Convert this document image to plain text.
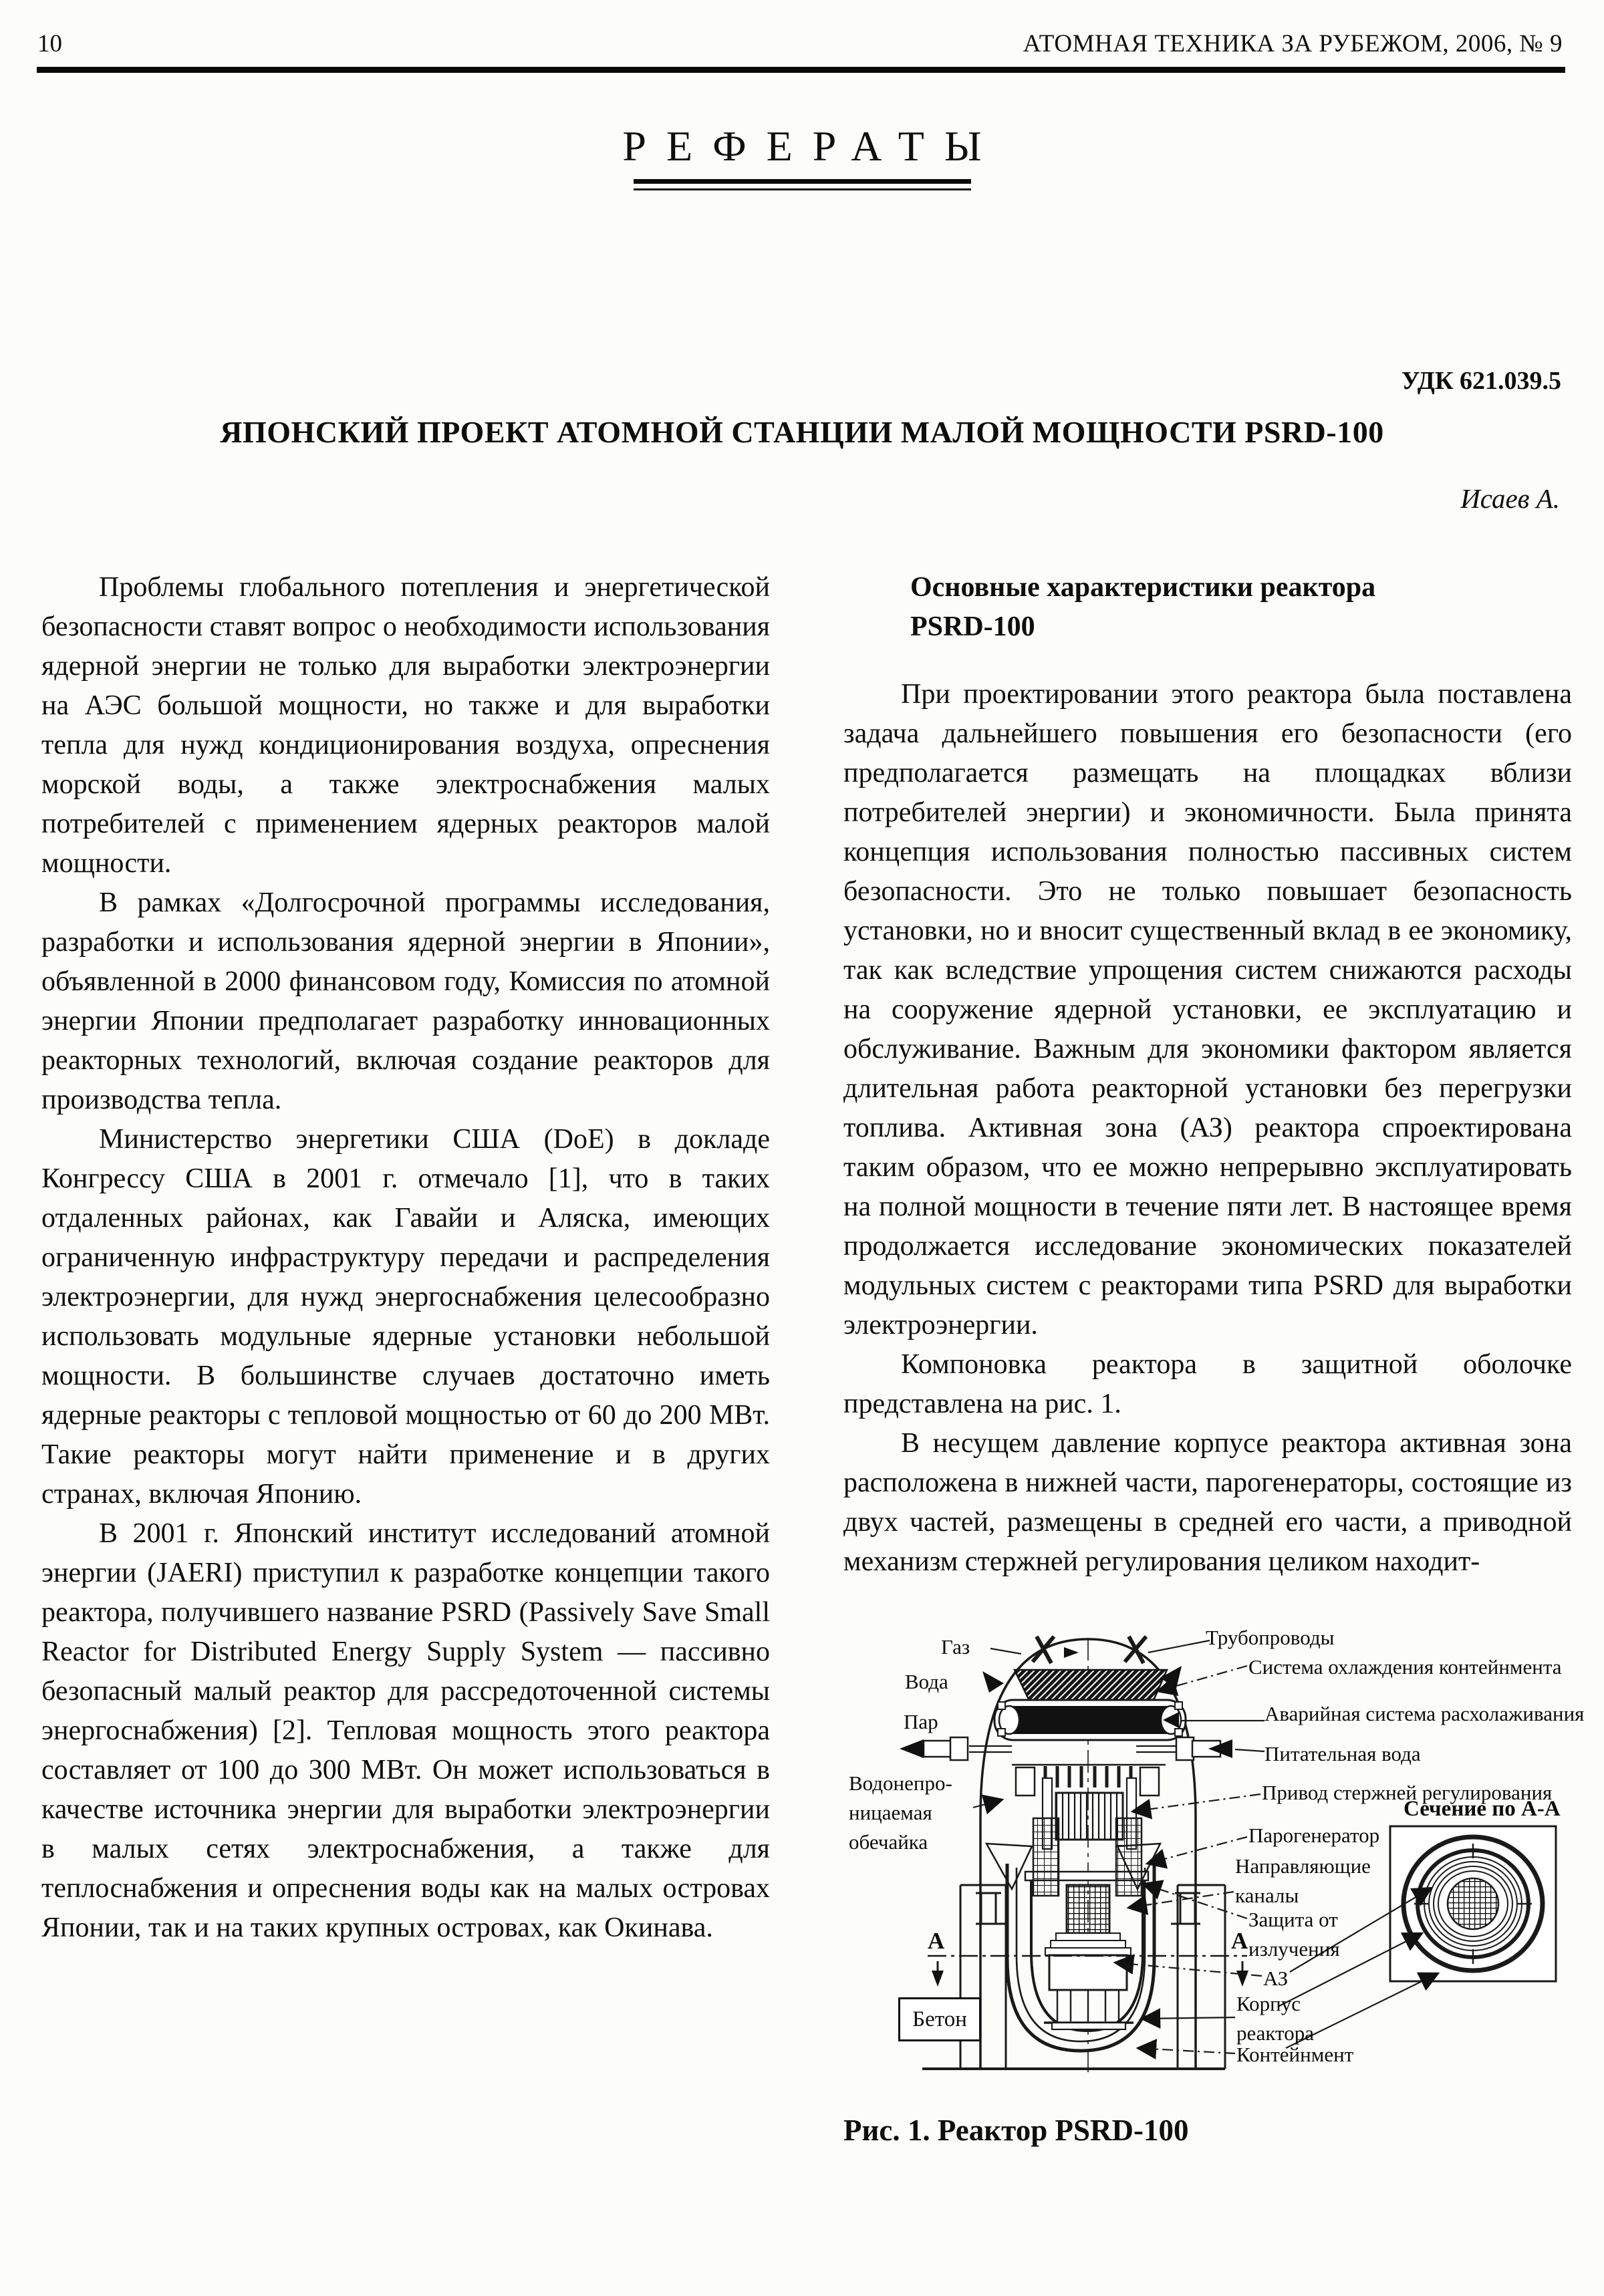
10	АТОМНАЯ ТЕХНИКА ЗА РУБЕЖОМ, 2006, № 9
РЕФЕРАТЫ
УДК 621.039.5
ЯПОНСКИЙ ПРОЕКТ АТОМНОЙ СТАНЦИИ МАЛОЙ МОЩНОСТИ PSRD-100
Исаев А.

Проблемы глобального потепления и энергетической безопасности ставят вопрос о необходимости использования ядерной энергии не только для выработки электроэнергии на АЭС большой мощности, но также и для выработки тепла для нужд кондиционирования воздуха, опреснения морской воды, а также электроснабжения малых потребителей с применением ядерных реакторов малой мощности.

В рамках «Долгосрочной программы исследования, разработки и использования ядерной энергии в Японии», объявленной в 2000 финансовом году, Комиссия по атомной энергии Японии предполагает разработку инновационных реакторных технологий, включая создание реакторов для производства тепла.

Министерство энергетики США (DoE) в докладе Конгрессу США в 2001 г. отмечало [1], что в таких отдаленных районах, как Гавайи и Аляска, имеющих ограниченную инфраструктуру передачи и распределения электроэнергии, для нужд энергоснабжения целесообразно использовать модульные ядерные установки небольшой мощности. В большинстве случаев достаточно иметь ядерные реакторы с тепловой мощностью от 60 до 200 МВт. Такие реакторы могут найти применение и в других странах, включая Японию.

В 2001 г. Японский институт исследований атомной энергии (JAERI) приступил к разработке концепции такого реактора, получившего название PSRD (Passively Save Small Reactor for Distributed Energy Supply System — пассивно безопасный малый реактор для рассредоточенной системы энергоснабжения) [2]. Тепловая мощность этого реактора составляет от 100 до 300 МВт. Он может использоваться в качестве источника энергии для выработки электроэнергии в малых сетях электроснабжения, а также для теплоснабжения и опреснения воды как на малых островах Японии, так и на таких крупных островах, как Окинава.

Основные характеристики реактора
PSRD-100

При проектировании этого реактора была поставлена задача дальнейшего повышения его безопасности (его предполагается размещать на площадках вблизи потребителей энергии) и экономичности. Была принята концепция использования полностью пассивных систем безопасности. Это не только повышает безопасность установки, но и вносит существенный вклад в ее экономику, так как вследствие упрощения систем снижаются расходы на сооружение ядерной установки, ее эксплуатацию и обслуживание. Важным для экономики фактором является длительная работа реакторной установки без перегрузки топлива. Активная зона (АЗ) реактора спроектирована таким образом, что ее можно непрерывно эксплуатировать на полной мощности в течение пяти лет. В настоящее время продолжается исследование экономических показателей модульных систем с реакторами типа PSRD для выработки электроэнергии.

Компоновка реактора в защитной оболочке представлена на рис. 1.

В несущем давление корпусе реактора активная зона расположена в нижней части, парогенераторы, состоящие из двух частей, размещены в средней его части, а приводной механизм стержней регулирования целиком находит-

Газ
Вода
Пар
Водонепро-
ницаемая
обечайка
Трубопроводы
Система охлаждения контейнмента
Аварийная система расхолаживания
Питательная вода
Привод стержней регулирования
Сечение по А-А
Парогенератор
Направляющие
каналы
Защита от
излучения
А	А
АЗ
Корпус
реактора
Бетон
Контейнмент
Рис. 1. Реактор PSRD-100
